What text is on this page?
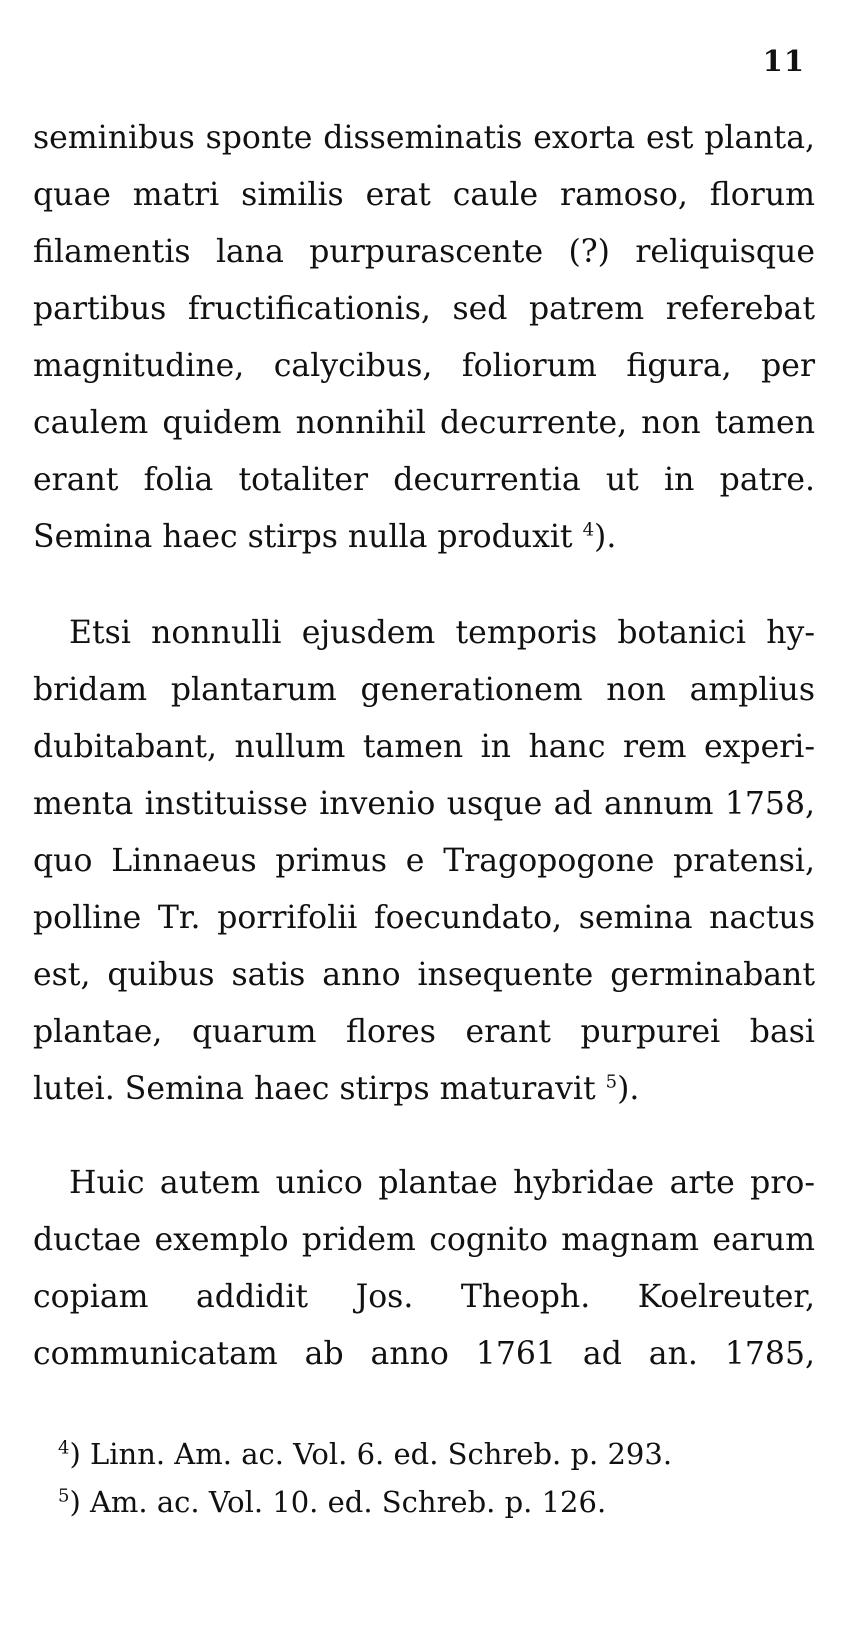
11
seminibus sponte disseminatis exorta est planta,
quae matri similis erat caule ramoso, florum
filamentis lana purpurascente (?) reliquisque
partibus fructificationis, sed patrem referebat
magnitudine, calycibus, foliorum figura, per
caulem quidem nonnihil decurrente, non tamen
erant folia totaliter decurrentia ut in patre.
Semina haec stirps nulla produxit $^4$).
Etsi nonnulli ejusdem temporis botanici hy-
bridam plantarum generationem non amplius
dubitabant, nullum tamen in hanc rem experi-
menta instituisse invenio usque ad annum 1758,
quo Linnaeus primus e Tragopogone pratensi,
polline Tr. porrifolii foecundato, semina nactus
est, quibus satis anno insequente germinabant
plantae, quarum flores erant purpurei basi
lutei. Semina haec stirps maturavit $^5$).
Huic autem unico plantae hybridae arte pro-
ductae exemplo pridem cognito magnam earum
copiam addidit Jos. Theoph. Koelreuter,
communicatam ab anno 1761 ad an. 1785,
$^4$) Linn. Am. ac. Vol. 6. ed. Schreb. p. 293.
$^5$) Am. ac. Vol. 10. ed. Schreb. p. 126.
